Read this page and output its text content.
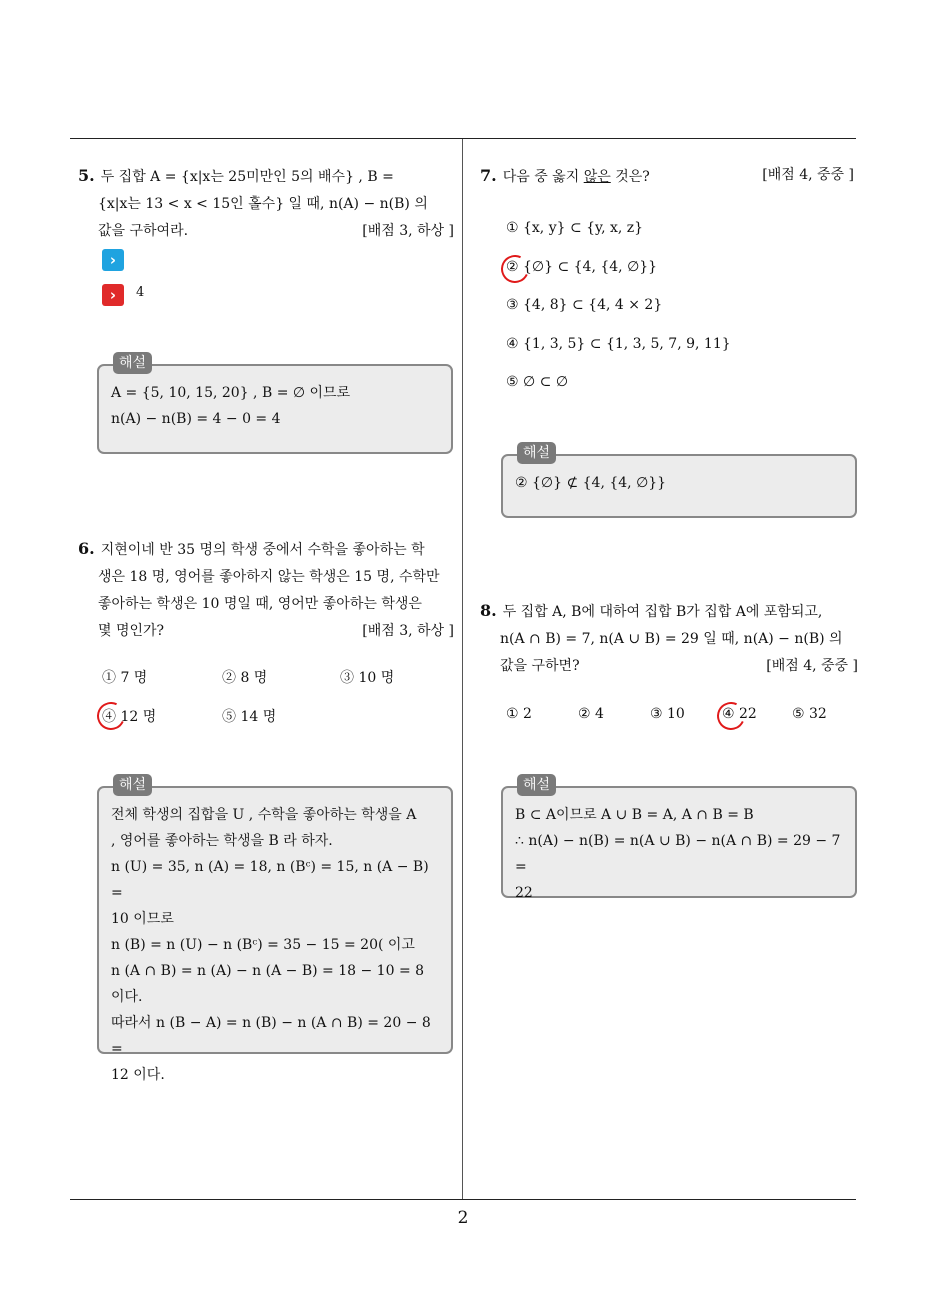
2
5. 두 집합 A = {x|x는 25미만인 5의 배수} , B =
{x|x는 13 < x < 15인 홀수} 일 때, n(A) − n(B) 의
값을 구하여라.	[배점 3, 하상 ]
›
›	4
해설
A = {5, 10, 15, 20} , B = ∅ 이므로
n(A) − n(B) = 4 − 0 = 4
6. 지현이네 반 35 명의 학생 중에서 수학을 좋아하는 학
생은 18 명, 영어를 좋아하지 않는 학생은 15 명, 수학만
좋아하는 학생은 10 명일 때, 영어만 좋아하는 학생은
몇 명인가?	[배점 3, 하상 ]
① 7 명	② 8 명	③ 10 명
④ 12 명	⑤ 14 명
해설
전체 학생의 집합을 U , 수학을 좋아하는 학생을 A
, 영어를 좋아하는 학생을 B 라 하자.
n (U) = 35, n (A) = 18, n (Bᶜ) = 15, n (A − B) =
10 이므로
n (B) = n (U) − n (Bᶜ) = 35 − 15 = 20( 이고
n (A ∩ B) = n (A) − n (A − B) = 18 − 10 = 8
이다.
따라서 n (B − A) = n (B) − n (A ∩ B) = 20 − 8 =
12 이다.
7. 다음 중 옳지 않은 것은?	[배점 4, 중중 ]
① {x, y} ⊂ {y, x, z}
② {∅} ⊂ {4, {4, ∅}}
③ {4, 8} ⊂ {4, 4 × 2}
④ {1, 3, 5} ⊂ {1, 3, 5, 7, 9, 11}
⑤ ∅ ⊂ ∅
해설
② {∅} ⊄ {4, {4, ∅}}
8. 두 집합 A, B에 대하여 집합 B가 집합 A에 포함되고,
n(A ∩ B) = 7, n(A ∪ B) = 29 일 때, n(A) − n(B) 의
값을 구하면?	[배점 4, 중중 ]
① 2	② 4	③ 10	④ 22	⑤ 32
해설
B ⊂ A이므로 A ∪ B = A, A ∩ B = B
∴ n(A) − n(B) = n(A ∪ B) − n(A ∩ B) = 29 − 7 =
22
